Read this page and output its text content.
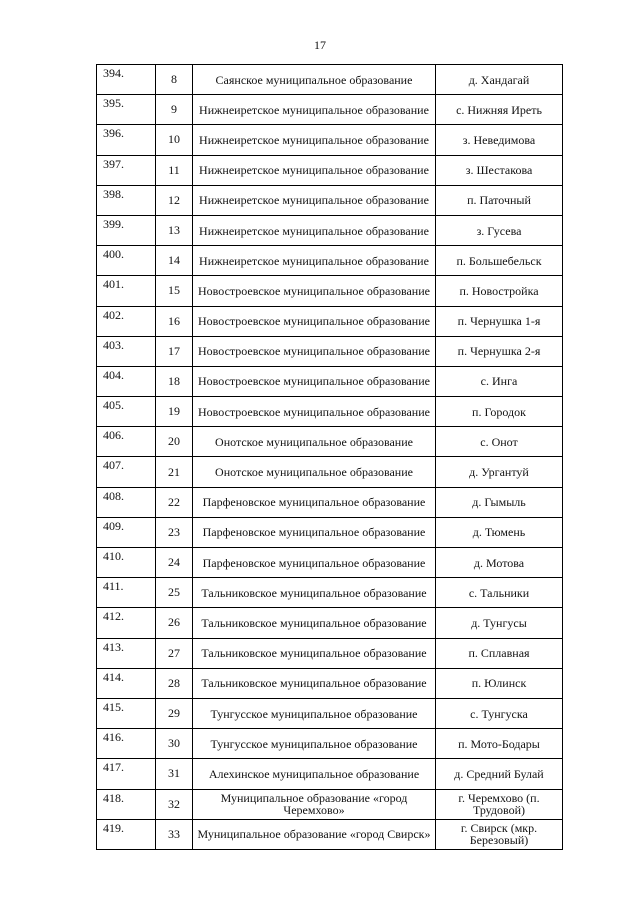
17
394.	8	Саянское муниципальное образование	д. Хандагай
395.	9	Нижнеиретское муниципальное образование	с. Нижняя Иреть
396.	10	Нижнеиретское муниципальное образование	з. Неведимова
397.	11	Нижнеиретское муниципальное образование	з. Шестакова
398.	12	Нижнеиретское муниципальное образование	п. Паточный
399.	13	Нижнеиретское муниципальное образование	з. Гусева
400.	14	Нижнеиретское муниципальное образование	п. Большебельск
401.	15	Новостроевское муниципальное образование	п. Новостройка
402.	16	Новостроевское муниципальное образование	п. Чернушка 1-я
403.	17	Новостроевское муниципальное образование	п. Чернушка 2-я
404.	18	Новостроевское муниципальное образование	с. Инга
405.	19	Новостроевское муниципальное образование	п. Городок
406.	20	Онотское муниципальное образование	с. Онот
407.	21	Онотское муниципальное образование	д. Ургантуй
408.	22	Парфеновское муниципальное образование	д. Гымыль
409.	23	Парфеновское муниципальное образование	д. Тюмень
410.	24	Парфеновское муниципальное образование	д. Мотова
411.	25	Тальниковское муниципальное образование	с. Тальники
412.	26	Тальниковское муниципальное образование	д. Тунгусы
413.	27	Тальниковское муниципальное образование	п. Сплавная
414.	28	Тальниковское муниципальное образование	п. Юлинск
415.	29	Тунгусское муниципальное образование	с. Тунгуска
416.	30	Тунгусское муниципальное образование	п. Мото-Бодары
417.	31	Алехинское муниципальное образование	д. Средний Булай
418.	32	Муниципальное образование «город Черемхово»	г. Черемхово (п. Трудовой)
419.	33	Муниципальное образование «город Свирск»	г. Свирск (мкр. Березовый)
